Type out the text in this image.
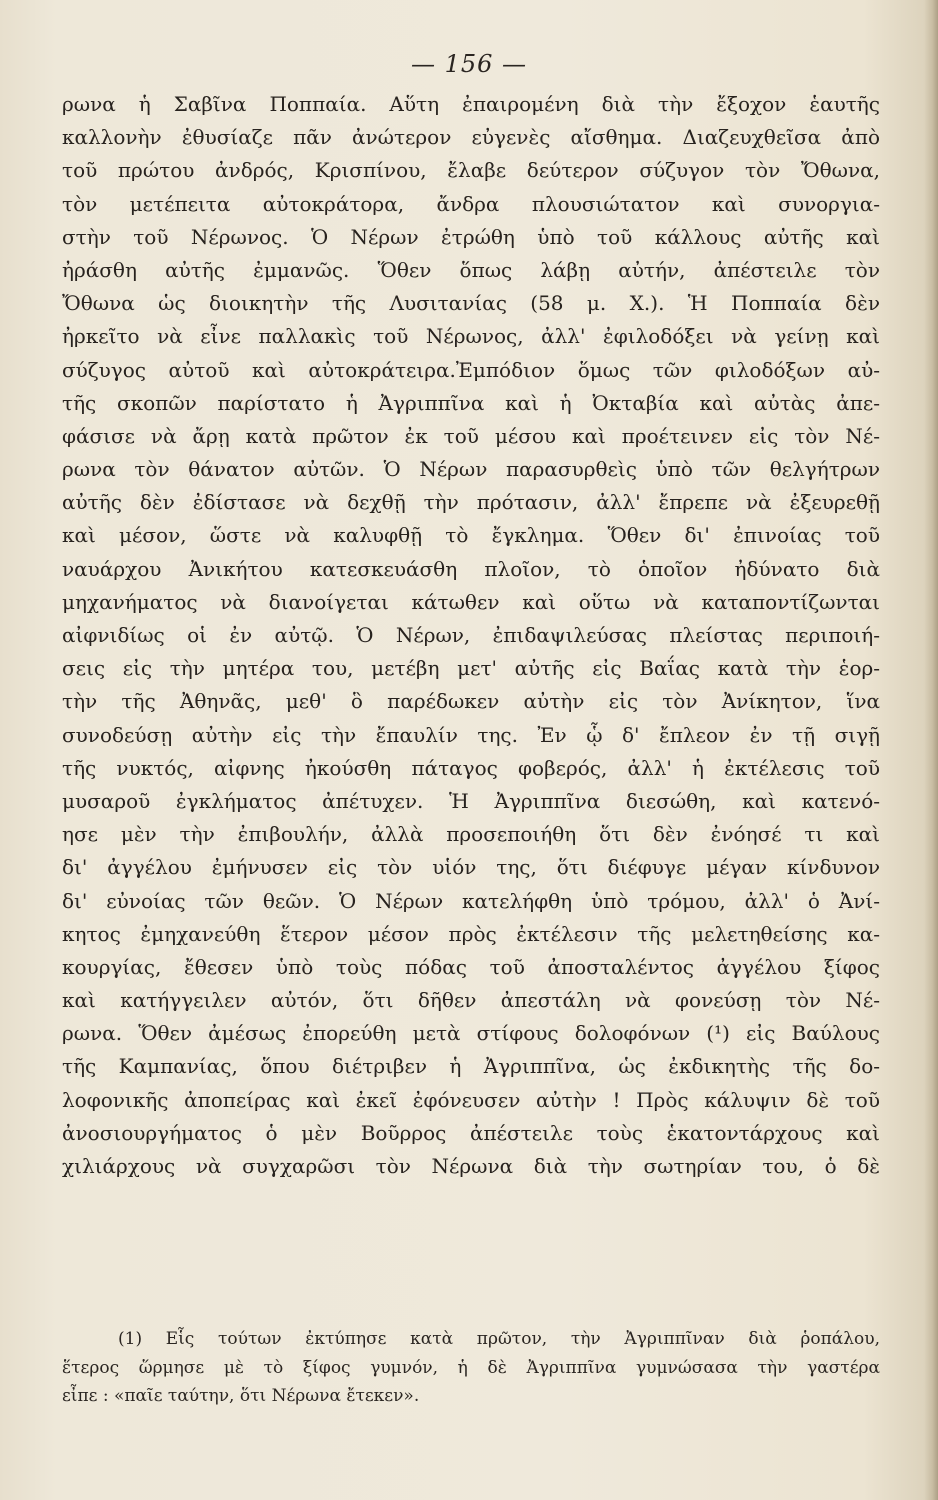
— 156 —
ρωνα ἡ Σαβῖνα Ποππαία. Αὕτη ἐπαιρομένη διὰ τὴν ἔξοχον ἑαυτῆς
καλλονὴν ἐθυσίαζε πᾶν ἀνώτερον εὐγενὲς αἴσθημα. Διαζευχθεῖσα ἀπὸ
τοῦ πρώτου ἀνδρός, Κρισπίνου, ἔλαβε δεύτερον σύζυγον τὸν Ὄθωνα,
τὸν μετέπειτα αὐτοκράτορα, ἄνδρα πλουσιώτατον καὶ συνοργια-
στὴν τοῦ Νέρωνος. Ὁ Νέρων ἐτρώθη ὑπὸ τοῦ κάλλους αὐτῆς καὶ
ἠράσθη αὐτῆς ἐμμανῶς. Ὅθεν ὅπως λάβῃ αὐτήν, ἀπέστειλε τὸν
Ὄθωνα ὡς διοικητὴν τῆς Λυσιτανίας (58 μ. Χ.). Ἡ Ποππαία δὲν
ἠρκεῖτο νὰ εἶνε παλλακὶς τοῦ Νέρωνος, ἀλλ' ἐφιλοδόξει νὰ γείνῃ καὶ
σύζυγος αὐτοῦ καὶ αὐτοκράτειρα.Ἐμπόδιον ὅμως τῶν φιλοδόξων αὐ-
τῆς σκοπῶν παρίστατο ἡ Ἀγριππῖνα καὶ ἡ Ὀκταβία καὶ αὐτὰς ἀπε-
φάσισε νὰ ἄρῃ κατὰ πρῶτον ἐκ τοῦ μέσου καὶ προέτεινεν εἰς τὸν Νέ-
ρωνα τὸν θάνατον αὐτῶν. Ὁ Νέρων παρασυρθεὶς ὑπὸ τῶν θελγήτρων
αὐτῆς δὲν ἐδίστασε νὰ δεχθῇ τὴν πρότασιν, ἀλλ' ἔπρεπε νὰ ἐξευρεθῇ
καὶ μέσον, ὥστε νὰ καλυφθῇ τὸ ἔγκλημα. Ὅθεν δι' ἐπινοίας τοῦ
ναυάρχου Ἀνικήτου κατεσκευάσθη πλοῖον, τὸ ὁποῖον ἠδύνατο διὰ
μηχανήματος νὰ διανοίγεται κάτωθεν καὶ οὕτω νὰ καταποντίζωνται
αἰφνιδίως οἱ ἐν αὐτῷ. Ὁ Νέρων, ἐπιδαψιλεύσας πλείστας περιποιή-
σεις εἰς τὴν μητέρα του, μετέβη μετ' αὐτῆς εἰς Βαΐας κατὰ τὴν ἑορ-
τὴν τῆς Ἀθηνᾶς, μεθ' ὃ παρέδωκεν αὐτὴν εἰς τὸν Ἀνίκητον, ἵνα
συνοδεύσῃ αὐτὴν εἰς τὴν ἔπαυλίν της. Ἐν ᾧ δ' ἔπλεον ἐν τῇ σιγῇ
τῆς νυκτός, αἰφνης ἠκούσθη πάταγος φοβερός, ἀλλ' ἡ ἐκτέλεσις τοῦ
μυσαροῦ ἐγκλήματος ἀπέτυχεν. Ἡ Ἀγριππῖνα διεσώθη, καὶ κατενό-
ησε μὲν τὴν ἐπιβουλήν, ἀλλὰ προσεποιήθη ὅτι δὲν ἐνόησέ τι καὶ
δι' ἀγγέλου ἐμήνυσεν εἰς τὸν υἱόν της, ὅτι διέφυγε μέγαν κίνδυνον
δι' εὐνοίας τῶν θεῶν. Ὁ Νέρων κατελήφθη ὑπὸ τρόμου, ἀλλ' ὁ Ἀνί-
κητος ἐμηχανεύθη ἕτερον μέσον πρὸς ἐκτέλεσιν τῆς μελετηθείσης κα-
κουργίας, ἔθεσεν ὑπὸ τοὺς πόδας τοῦ ἀποσταλέντος ἀγγέλου ξίφος
καὶ κατήγγειλεν αὐτόν, ὅτι δῆθεν ἀπεστάλη νὰ φονεύσῃ τὸν Νέ-
ρωνα. Ὅθεν ἀμέσως ἐπορεύθη μετὰ στίφους δολοφόνων (¹) εἰς Βαύλους
τῆς Καμπανίας, ὅπου διέτριβεν ἡ Ἀγριππῖνα, ὡς ἐκδικητὴς τῆς δο-
λοφονικῆς ἀποπείρας καὶ ἐκεῖ ἐφόνευσεν αὐτὴν ! Πρὸς κάλυψιν δὲ τοῦ
ἀνοσιουργήματος ὁ μὲν Βοῦρρος ἀπέστειλε τοὺς ἑκατοντάρχους καὶ
χιλιάρχους νὰ συγχαρῶσι τὸν Νέρωνα διὰ τὴν σωτηρίαν του, ὁ δὲ
(1) Εἷς τούτων ἐκτύπησε κατὰ πρῶτον, τὴν Ἀγριππῖναν διὰ ῥοπάλου,
ἕτερος ὥρμησε μὲ τὸ ξίφος γυμνόν, ἡ δὲ Ἀγριππῖνα γυμνώσασα τὴν γαστέρα
εἶπε : «παῖε ταύτην, ὅτι Νέρωνα ἔτεκεν».
